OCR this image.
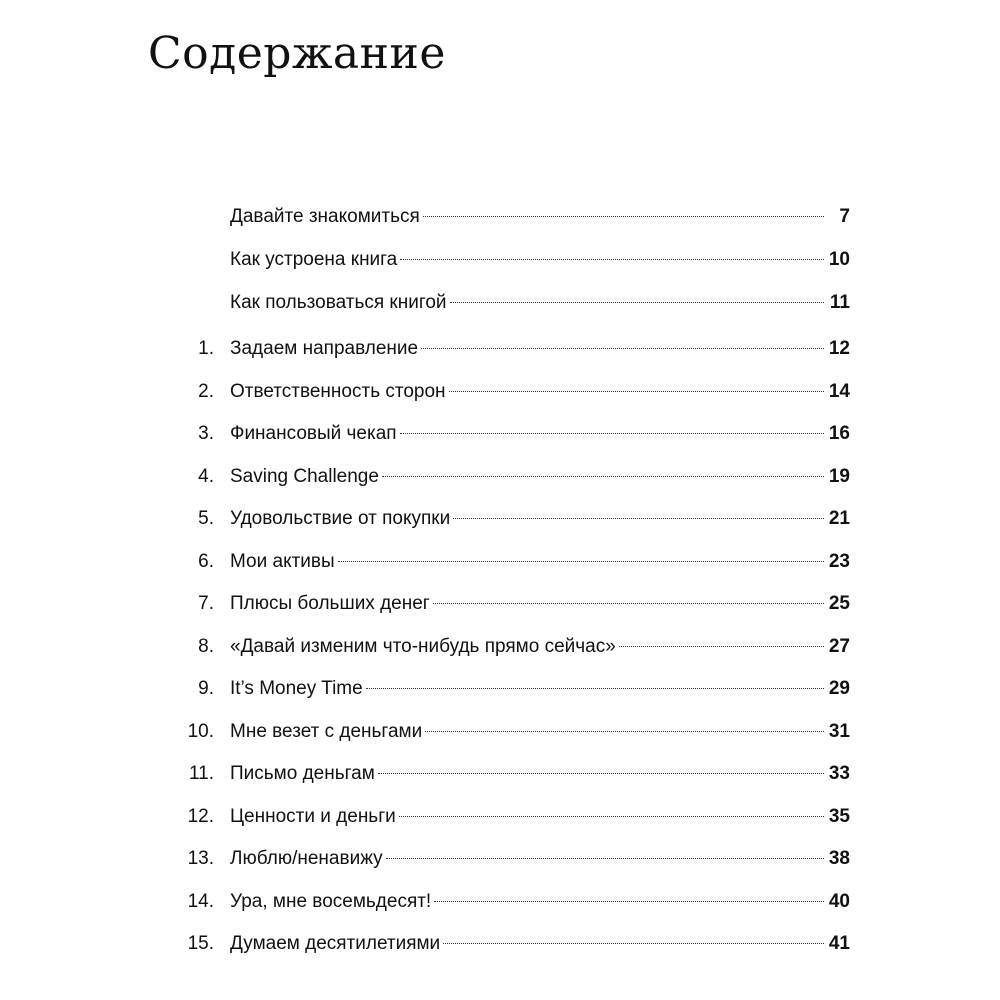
Содержание
Давайте знакомиться	7
Как устроена книга	10
Как пользоваться книгой	11
1. Задаем направление	12
2. Ответственность сторон	14
3. Финансовый чекап	16
4. Saving Challenge	19
5. Удовольствие от покупки	21
6. Мои активы	23
7. Плюсы больших денег	25
8. «Давай изменим что-нибудь прямо сейчас»	27
9. It’s Money Time	29
10. Мне везет с деньгами	31
11. Письмо деньгам	33
12. Ценности и деньги	35
13. Люблю/ненавижу	38
14. Ура, мне восемьдесят!	40
15. Думаем десятилетиями	41
